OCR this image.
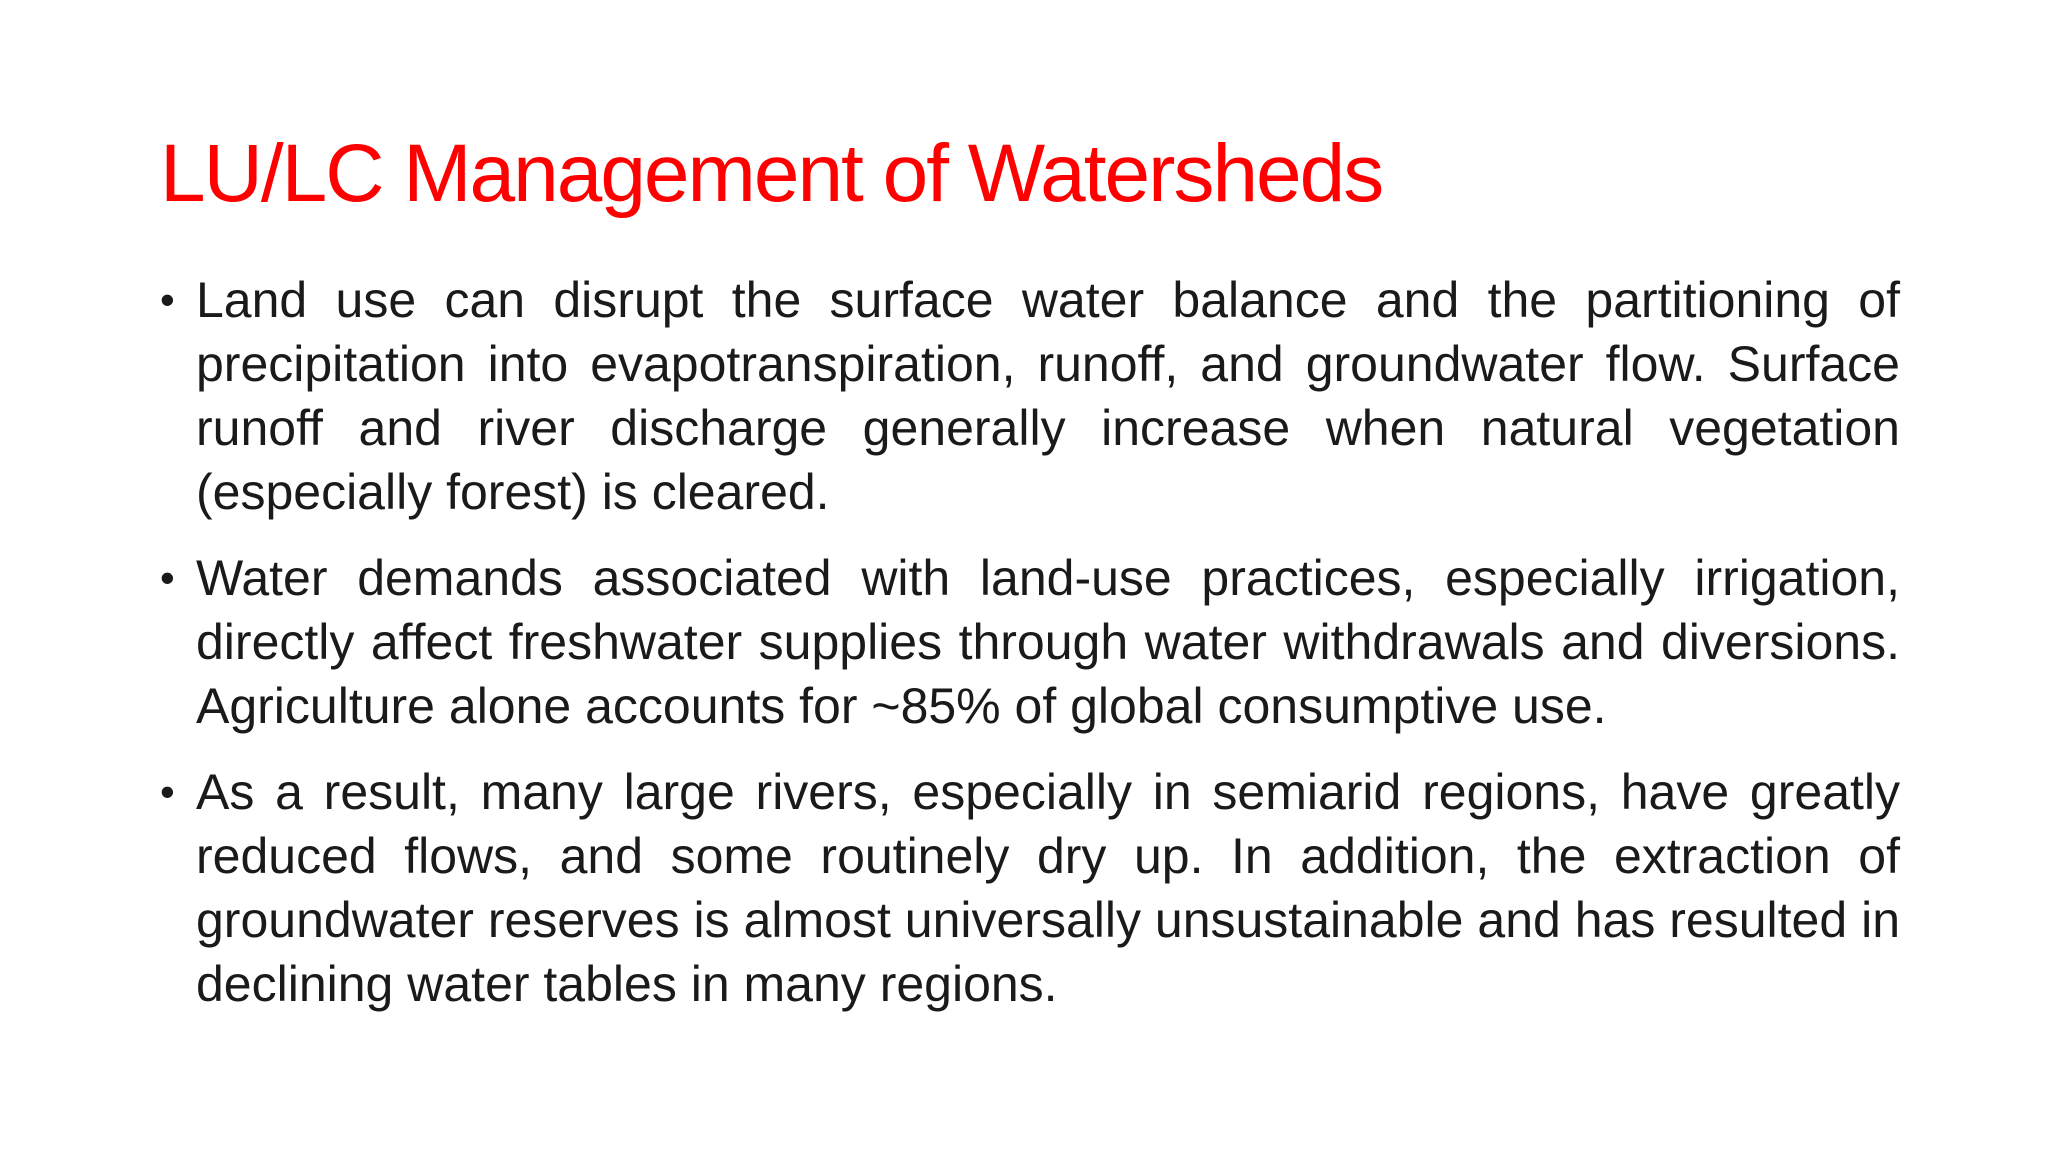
LU/LC Management of Watersheds
• Land use can disrupt the surface water balance and the partitioning of precipitation into evapotranspiration, runoff, and groundwater flow. Surface runoff and river discharge generally increase when natural vegetation (especially forest) is cleared.
• Water demands associated with land-use practices, especially irrigation, directly affect freshwater supplies through water withdrawals and diversions. Agriculture alone accounts for ~85% of global consumptive use.
• As a result, many large rivers, especially in semiarid regions, have greatly reduced flows, and some routinely dry up. In addition, the extraction of groundwater reserves is almost universally unsustainable and has resulted in declining water tables in many regions.
